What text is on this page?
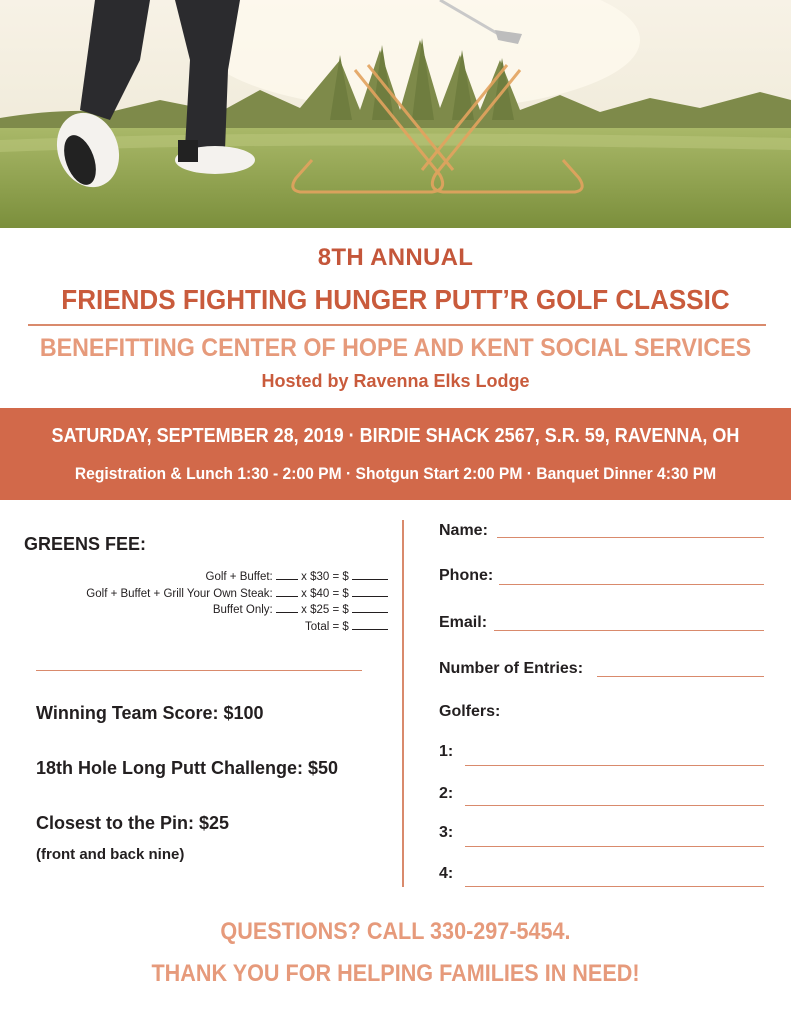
8TH ANNUAL
FRIENDS FIGHTING HUNGER PUTT’R GOLF CLASSIC
BENEFITTING CENTER OF HOPE AND KENT SOCIAL SERVICES
Hosted by Ravenna Elks Lodge
SATURDAY, SEPTEMBER 28, 2019 · BIRDIE SHACK 2567, S.R. 59, RAVENNA, OH
Registration & Lunch 1:30 - 2:00 PM · Shotgun Start 2:00 PM · Banquet Dinner 4:30 PM
GREENS FEE:
Golf + Buffet: x $30 = $
Golf + Buffet + Grill Your Own Steak: x $40 = $
Buffet Only: x $25 = $
Total = $
Winning Team Score: $100
18th Hole Long Putt Challenge: $50
Closest to the Pin: $25
(front and back nine)
Name:
Phone:
Email:
Number of Entries:
Golfers:
1:
2:
3:
4:
QUESTIONS? CALL 330-297-5454.
THANK YOU FOR HELPING FAMILIES IN NEED!
